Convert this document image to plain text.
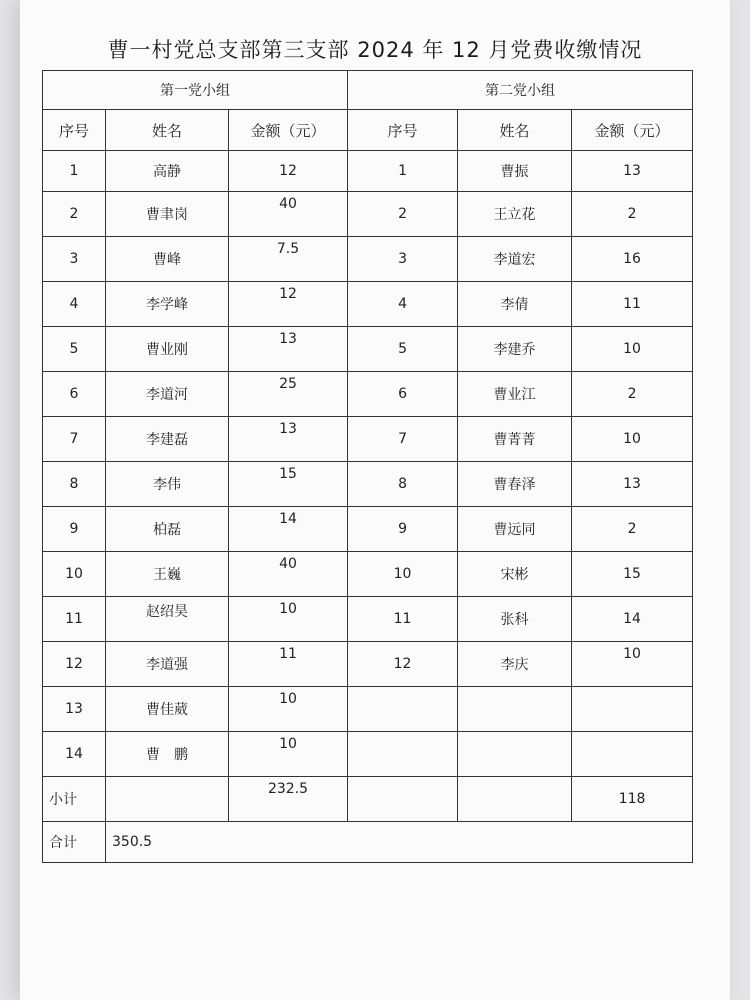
曹一村党总支部第三支部 2024 年 12 月党费收缴情况
第一党小组			第二党小组		
序号	姓名	金额（元）	序号	姓名	金额（元）
1	高静	12	1	曹振	13
2	曹聿岗	40	2	王立花	2
3	曹峰	7.5	3	李道宏	16
4	李学峰	12	4	李倩	11
5	曹业刚	13	5	李建乔	10
6	李道河	25	6	曹业江	2
7	李建磊	13	7	曹菁菁	10
8	李伟	15	8	曹春泽	13
9	柏磊	14	9	曹远同	2
10	王巍	40	10	宋彬	15
11	赵绍昊	10	11	张科	14
12	李道强	11	12	李庆	10
13	曹佳葳	10			
14	曹　鹏	10			
小计		232.5			118
合计	350.5				
